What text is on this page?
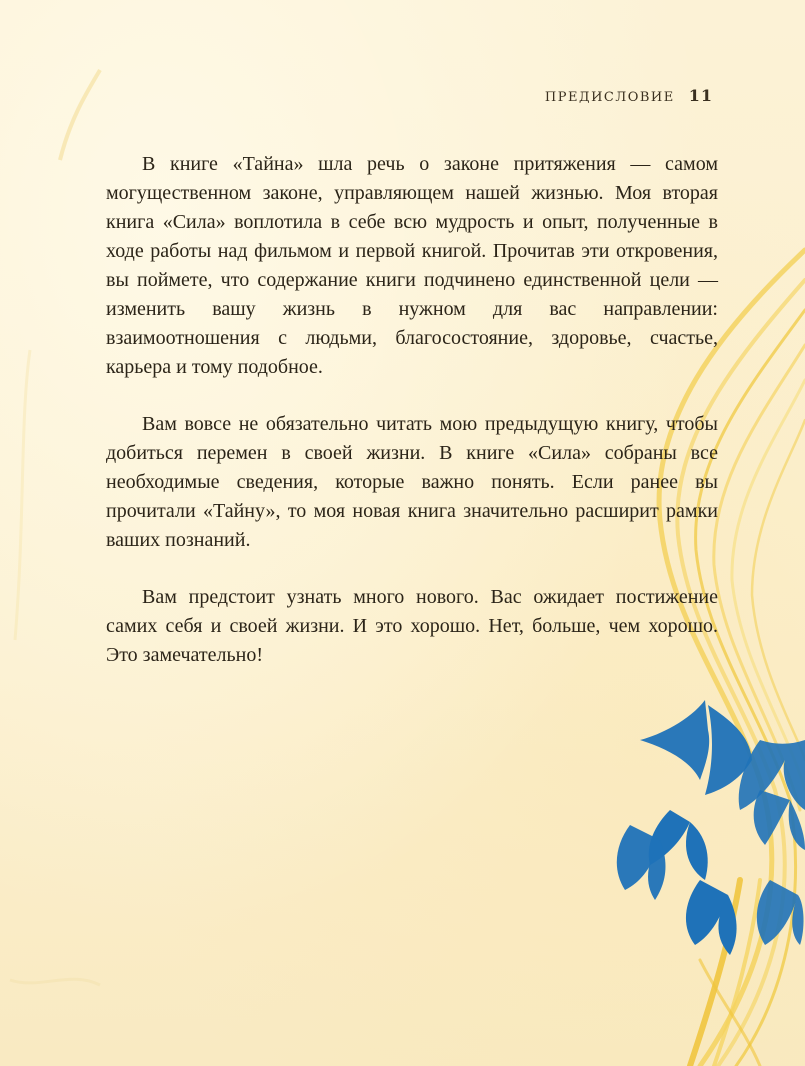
ПРЕДИСЛОВИЕ 11

В книге «Тайна» шла речь о законе притяжения — самом могущественном законе, управляющем нашей жизнью. Моя вторая книга «Сила» воплотила в себе всю мудрость и опыт, полученные в ходе работы над фильмом и первой книгой. Прочитав эти откровения, вы поймете, что содержание книги подчинено единственной цели — изменить вашу жизнь в нужном для вас направлении: взаимоотношения с людьми, благосостояние, здоровье, счастье, карьера и тому подобное.

Вам вовсе не обязательно читать мою предыдущую книгу, чтобы добиться перемен в своей жизни. В книге «Сила» собраны все необходимые сведения, которые важно понять. Если ранее вы прочитали «Тайну», то моя новая книга значительно расширит рамки ваших познаний.

Вам предстоит узнать много нового. Вас ожидает постижение самих себя и своей жизни. И это хорошо. Нет, больше, чем хорошо. Это замечательно!
